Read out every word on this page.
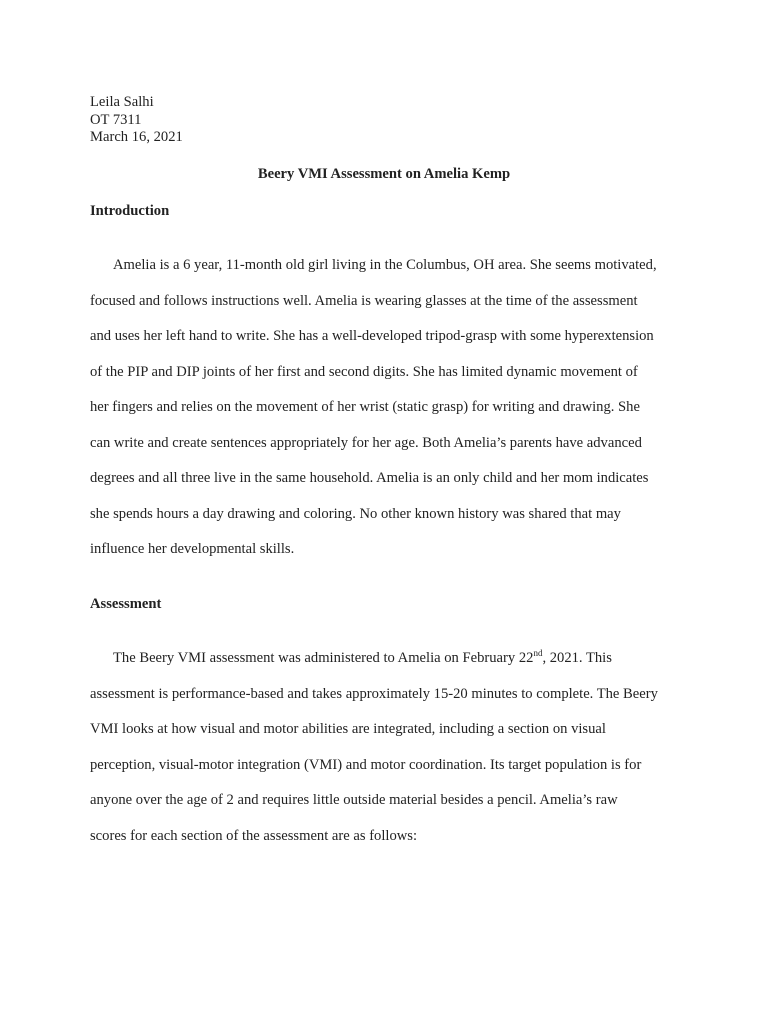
Leila Salhi
OT 7311
March 16, 2021
Beery VMI Assessment on Amelia Kemp
Introduction
Amelia is a 6 year, 11-month old girl living in the Columbus, OH area. She seems motivated,
focused and follows instructions well. Amelia is wearing glasses at the time of the assessment
and uses her left hand to write. She has a well-developed tripod-grasp with some hyperextension
of the PIP and DIP joints of her first and second digits. She has limited dynamic movement of
her fingers and relies on the movement of her wrist (static grasp) for writing and drawing. She
can write and create sentences appropriately for her age. Both Amelia’s parents have advanced
degrees and all three live in the same household. Amelia is an only child and her mom indicates
she spends hours a day drawing and coloring. No other known history was shared that may
influence her developmental skills.
Assessment
The Beery VMI assessment was administered to Amelia on February 22nd, 2021. This
assessment is performance-based and takes approximately 15-20 minutes to complete. The Beery
VMI looks at how visual and motor abilities are integrated, including a section on visual
perception, visual-motor integration (VMI) and motor coordination. Its target population is for
anyone over the age of 2 and requires little outside material besides a pencil. Amelia’s raw
scores for each section of the assessment are as follows:
